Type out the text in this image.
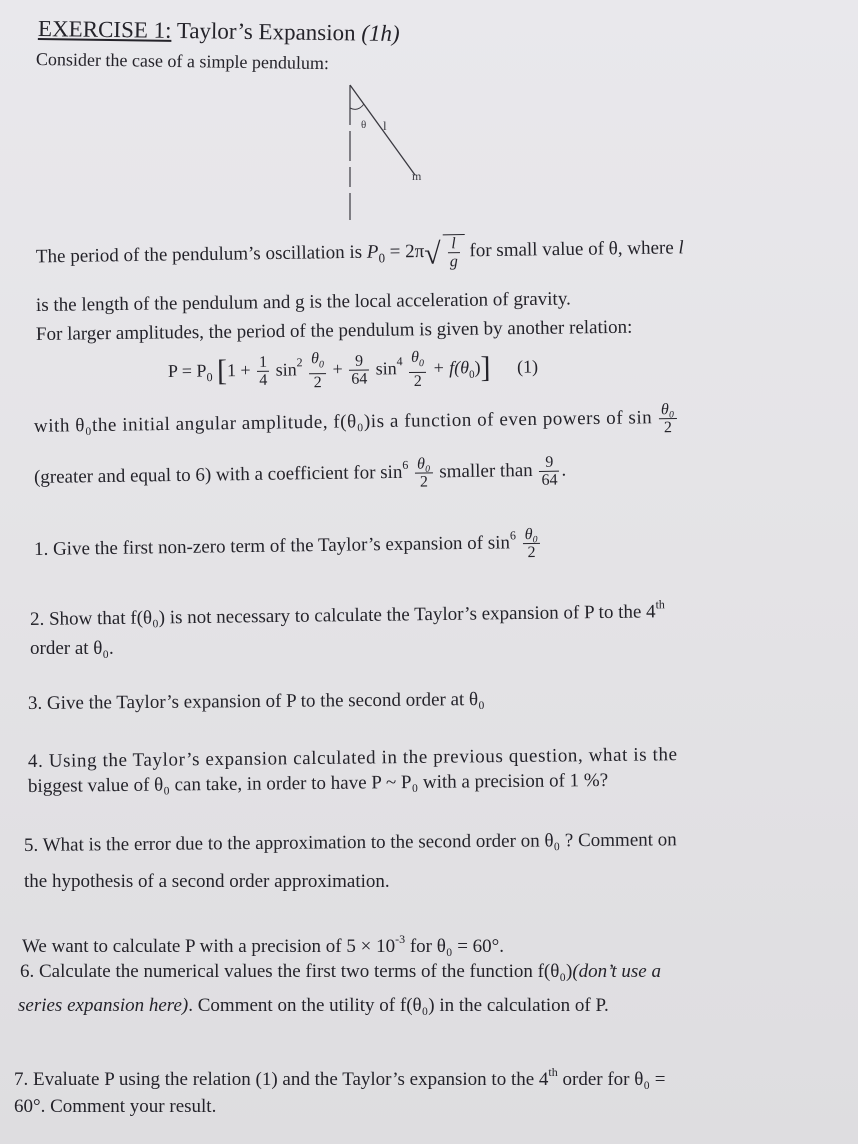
EXERCISE 1: Taylor’s Expansion (1h)
Consider the case of a simple pendulum:
θ l
m
The period of the pendulum’s oscillation is $P_0 = 2\pi√ \frac{l}{g}$ for small value of θ, where l
is the length of the pendulum and g is the local acceleration of gravity.
For larger amplitudes, the period of the pendulum is given by another relation:
$P = P_0$ $[1 + \frac{1}{4} \sin^2 \frac{\theta_0}{2} + \frac{9}{64} \sin^4 \frac{\theta_0}{2} + f(\theta_0)]$ (1)
with θ₀the initial angular amplitude, f(θ₀)is a function of even powers of $\sin \frac{\text{θ₀}}{2}$
(greater and equal to 6) with a coefficient for $\sin^6 \frac{\text{θ₀}}{2}$ smaller than $\frac{9}{64}$ .
1. Give the first non-zero term of the Taylor’s expansion of $\sin^6 \frac{\text{θ₀}}{2}$
2. Show that f(θ₀) is not necessary to calculate the Taylor’s expansion of P to the 4th
order at θ₀.
3. Give the Taylor’s expansion of P to the second order at θ₀
4. Using the Taylor’s expansion calculated in the previous question, what is the
biggest value of θ₀ can take, in order to have P ~ P₀ with a precision of 1 %?
5. What is the error due to the approximation to the second order on θ₀ ? Comment on
the hypothesis of a second order approximation.
We want to calculate P with a precision of $5 \times 10^{-3}$ for θ₀ = 60°.
6. Calculate the numerical values the first two terms of the function f(θ₀)(don’t use a
series expansion here). Comment on the utility of f(θ₀) in the calculation of P.
7. Evaluate P using the relation (1) and the Taylor’s expansion to the 4th order for θ₀ =
60°. Comment your result.
